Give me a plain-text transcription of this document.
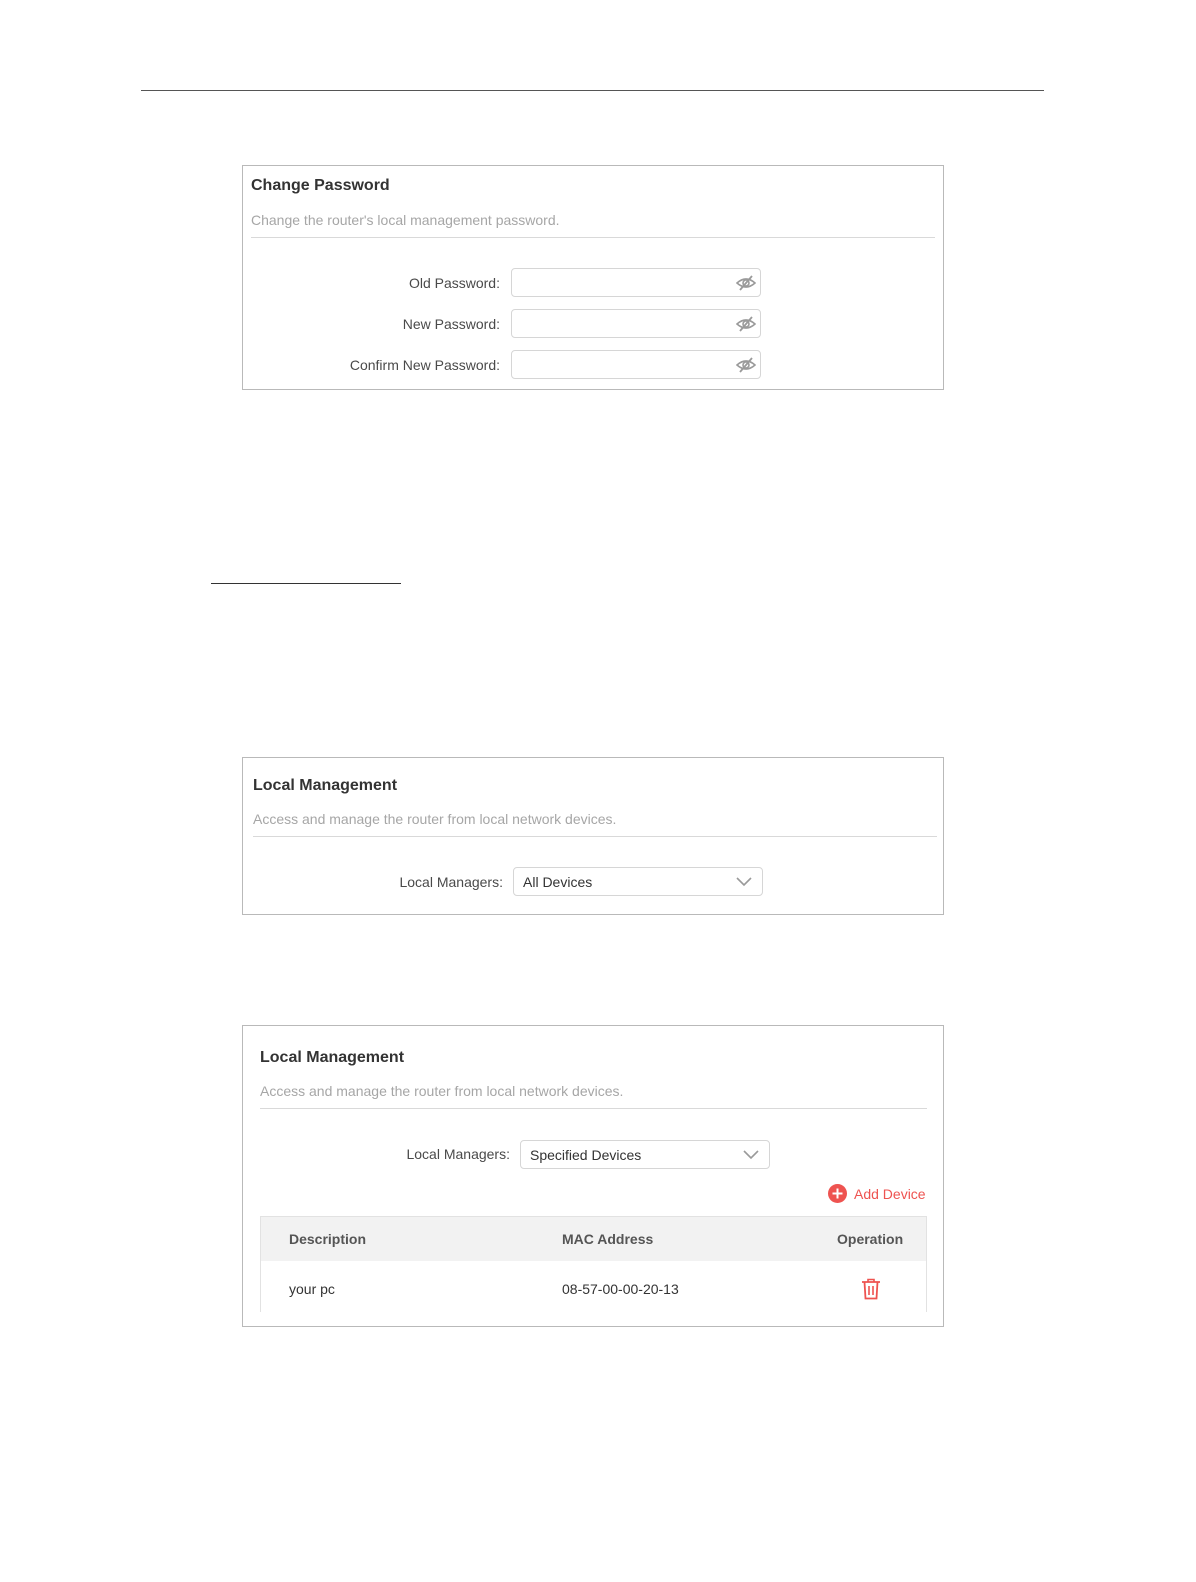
Change Password
Change the router's local management password.
Old Password:
New Password:
Confirm New Password:
Local Management
Access and manage the router from local network devices.
Local Managers: All Devices
Local Management
Access and manage the router from local network devices.
Local Managers: Specified Devices
Add Device
Description	MAC Address	Operation
your pc	08-57-00-00-20-13
